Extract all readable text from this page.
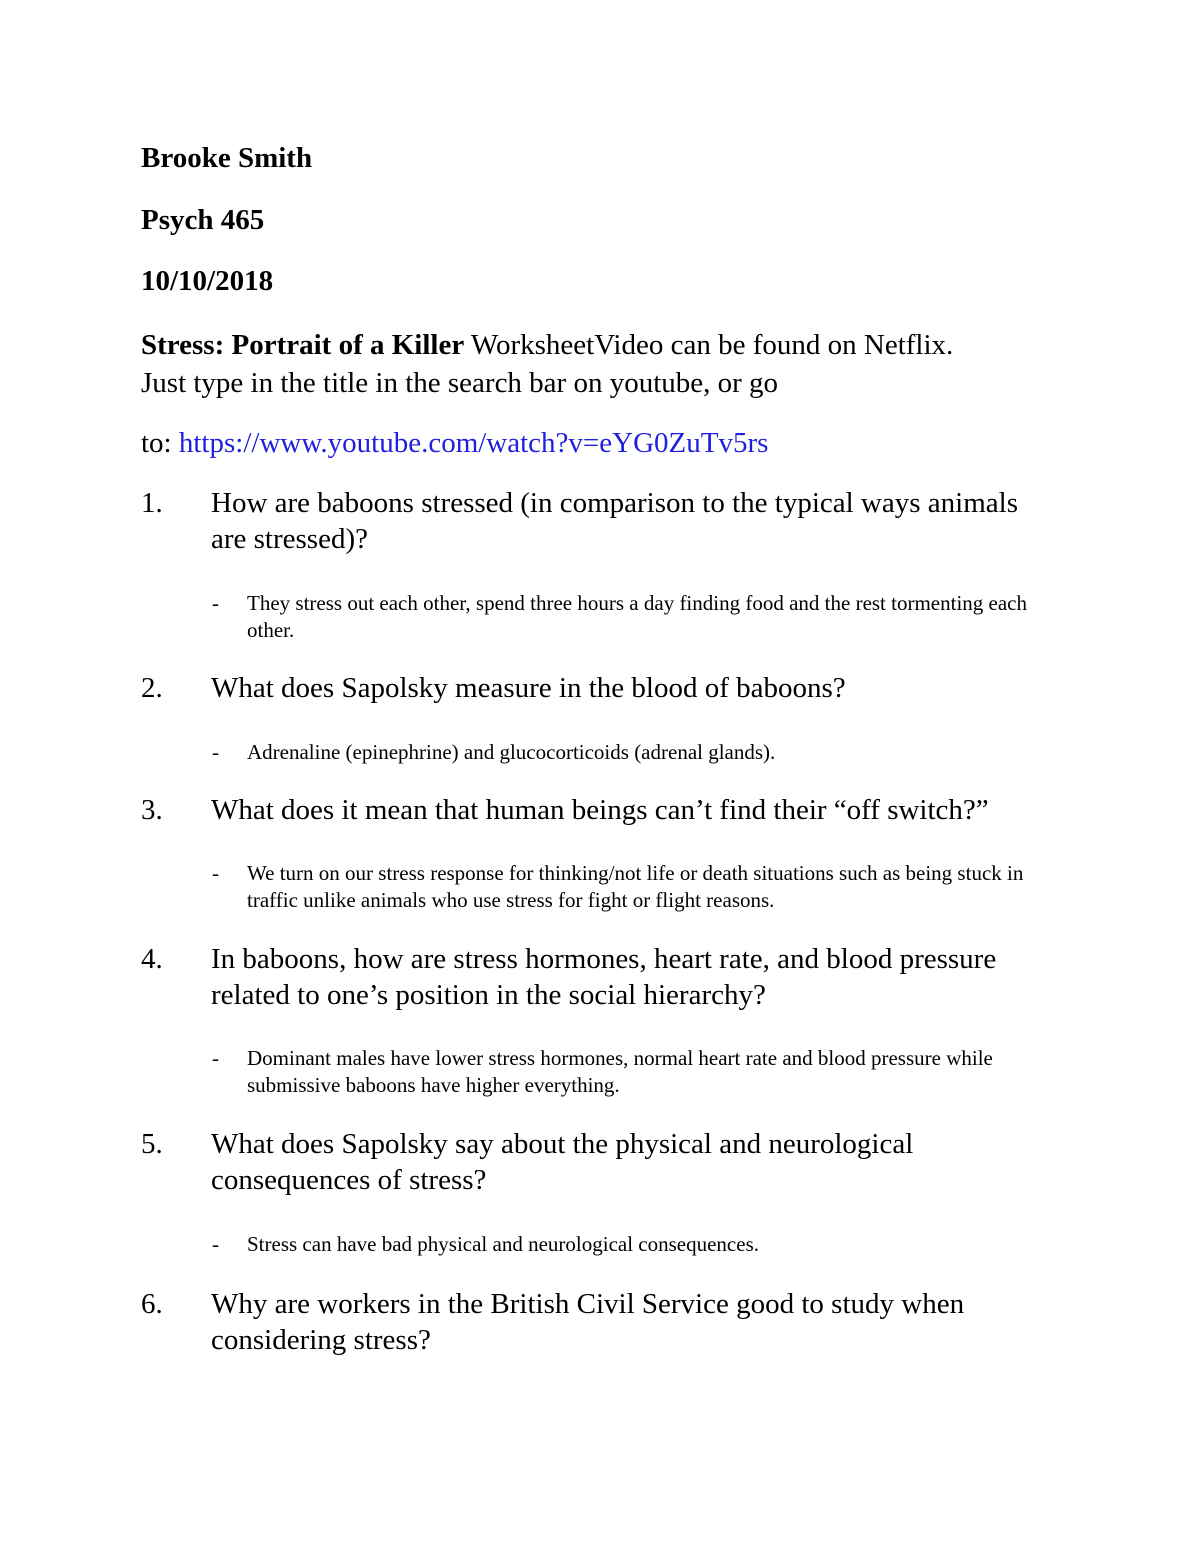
Brooke Smith
Psych 465
10/10/2018
Stress: Portrait of a Killer WorksheetVideo can be found on Netflix.
Just type in the title in the search bar on youtube, or go
to: https://www.youtube.com/watch?v=eYG0ZuTv5rs
1. How are baboons stressed (in comparison to the typical ways animals are stressed)?
- They stress out each other, spend three hours a day finding food and the rest tormenting each other.
2. What does Sapolsky measure in the blood of baboons?
- Adrenaline (epinephrine) and glucocorticoids (adrenal glands).
3. What does it mean that human beings can’t find their “off switch?”
- We turn on our stress response for thinking/not life or death situations such as being stuck in traffic unlike animals who use stress for fight or flight reasons.
4. In baboons, how are stress hormones, heart rate, and blood pressure related to one’s position in the social hierarchy?
- Dominant males have lower stress hormones, normal heart rate and blood pressure while submissive baboons have higher everything.
5. What does Sapolsky say about the physical and neurological consequences of stress?
- Stress can have bad physical and neurological consequences.
6. Why are workers in the British Civil Service good to study when considering stress?
